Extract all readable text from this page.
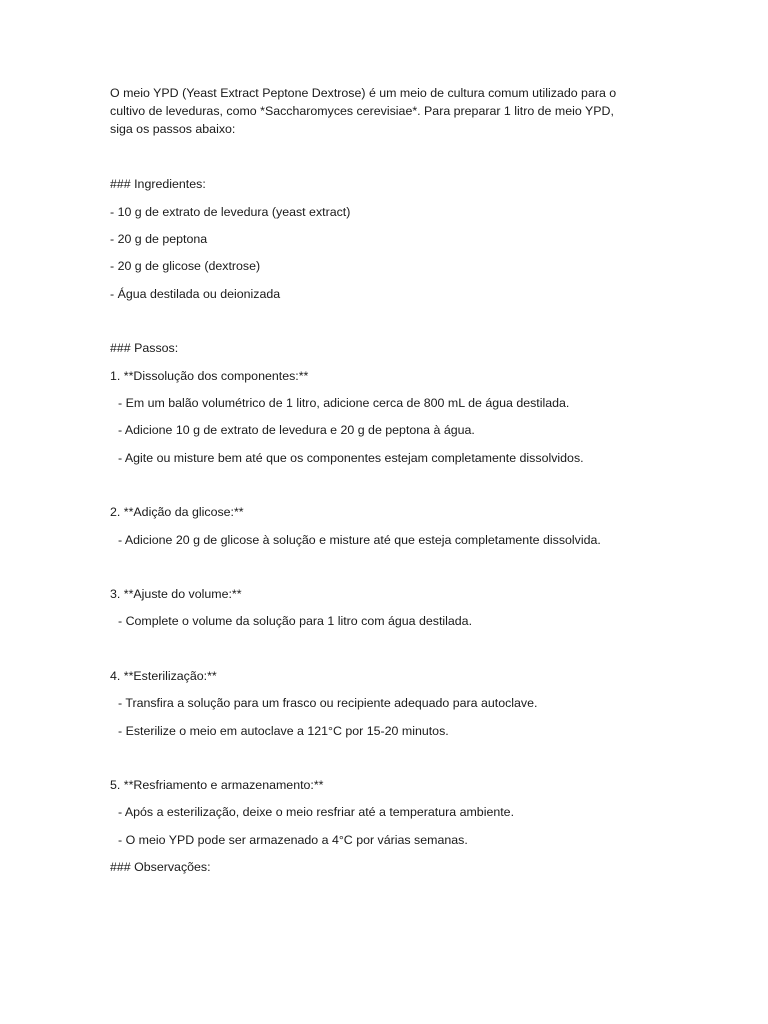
O meio YPD (Yeast Extract Peptone Dextrose) é um meio de cultura comum utilizado para o
cultivo de leveduras, como *Saccharomyces cerevisiae*. Para preparar 1 litro de meio YPD,
siga os passos abaixo:
### Ingredientes:
- 10 g de extrato de levedura (yeast extract)
- 20 g de peptona
- 20 g de glicose (dextrose)
- Água destilada ou deionizada
### Passos:
1. **Dissolução dos componentes:**
- Em um balão volumétrico de 1 litro, adicione cerca de 800 mL de água destilada.
- Adicione 10 g de extrato de levedura e 20 g de peptona à água.
- Agite ou misture bem até que os componentes estejam completamente dissolvidos.
2. **Adição da glicose:**
- Adicione 20 g de glicose à solução e misture até que esteja completamente dissolvida.
3. **Ajuste do volume:**
- Complete o volume da solução para 1 litro com água destilada.
4. **Esterilização:**
- Transfira a solução para um frasco ou recipiente adequado para autoclave.
- Esterilize o meio em autoclave a 121°C por 15-20 minutos.
5. **Resfriamento e armazenamento:**
- Após a esterilização, deixe o meio resfriar até a temperatura ambiente.
- O meio YPD pode ser armazenado a 4°C por várias semanas.
### Observações:
